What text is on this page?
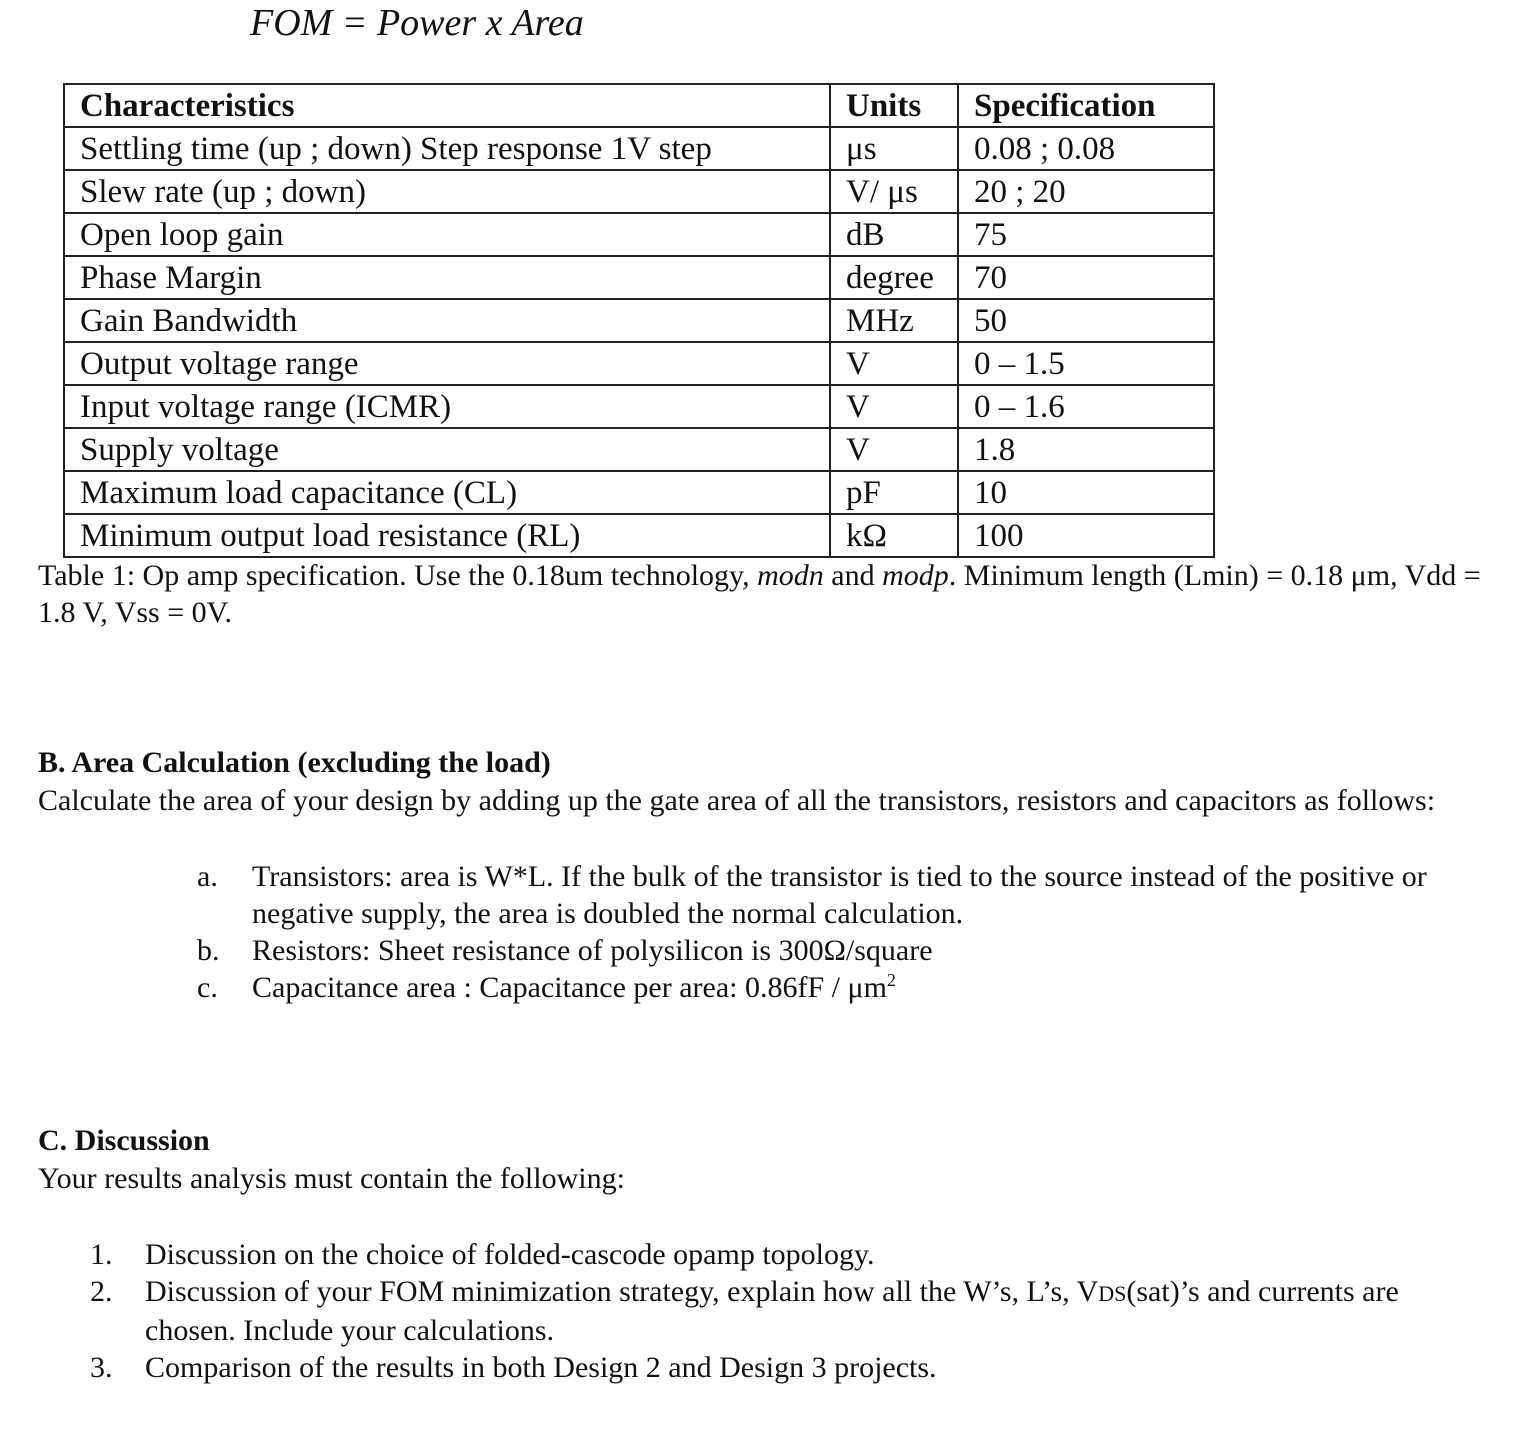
FOM = Power x Area
Characteristics	Units	Specification
Settling time (up ; down) Step response 1V step	μs	0.08 ; 0.08
Slew rate (up ; down)	V/ μs	20 ; 20
Open loop gain	dB	75
Phase Margin	degree	70
Gain Bandwidth	MHz	50
Output voltage range	V	0 – 1.5
Input voltage range (ICMR)	V	0 – 1.6
Supply voltage	V	1.8
Maximum load capacitance (CL)	pF	10
Minimum output load resistance (RL)	kΩ	100
Table 1: Op amp specification. Use the 0.18um technology, modn and modp. Minimum length (Lmin) = 0.18 μm, Vdd = 1.8 V, Vss = 0V.
B. Area Calculation (excluding the load)
Calculate the area of your design by adding up the gate area of all the transistors, resistors and capacitors as follows:
a. Transistors: area is W*L. If the bulk of the transistor is tied to the source instead of the positive or negative supply, the area is doubled the normal calculation.
b. Resistors: Sheet resistance of polysilicon is 300Ω/square
c. Capacitance area : Capacitance per area: $0.86fF / \mu m^2$
C. Discussion
Your results analysis must contain the following:
1. Discussion on the choice of folded-cascode opamp topology.
2. Discussion of your FOM minimization strategy, explain how all the W’s, L’s, VDS(sat)’s and currents are chosen. Include your calculations.
3. Comparison of the results in both Design 2 and Design 3 projects.
